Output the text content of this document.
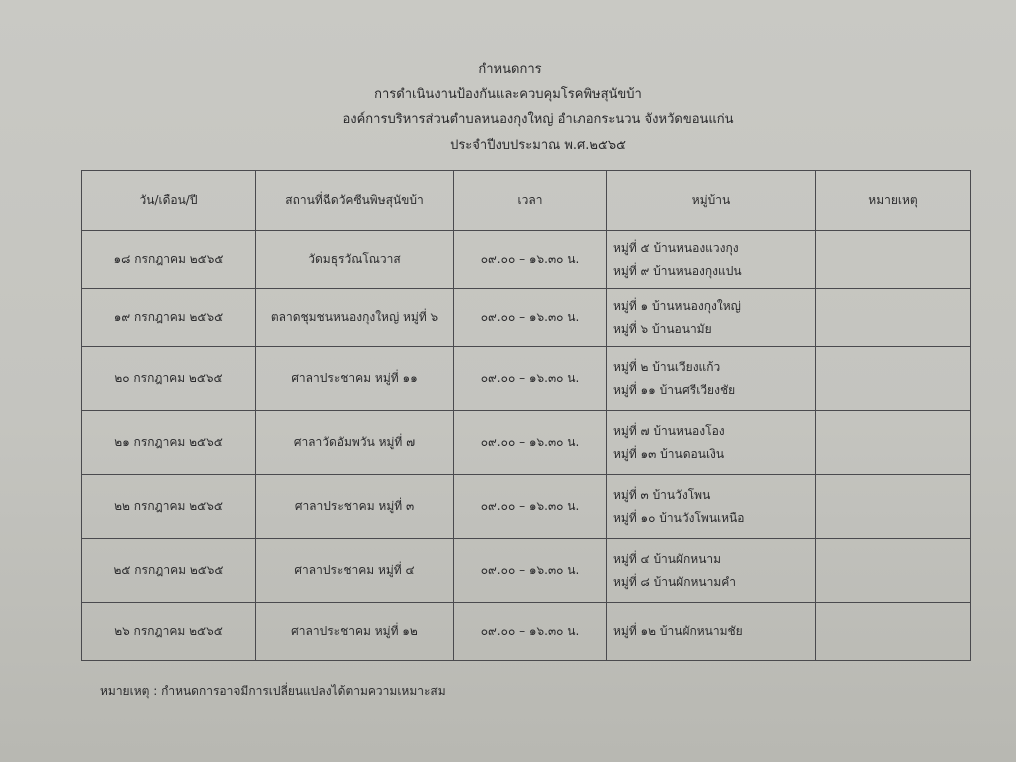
กำหนดการ
การดำเนินงานป้องกันและควบคุมโรคพิษสุนัขบ้า
องค์การบริหารส่วนตำบลหนองกุงใหญ่ อำเภอกระนวน จังหวัดขอนแก่น
ประจำปีงบประมาณ พ.ศ.๒๕๖๕
วัน/เดือน/ปี	สถานที่ฉีดวัคซีนพิษสุนัขบ้า	เวลา	หมู่บ้าน	หมายเหตุ
๑๘ กรกฎาคม ๒๕๖๕	วัดมธุรวัณโณวาส	๐๙.๐๐ – ๑๖.๓๐ น.	หมู่ที่ ๕ บ้านหนองแวงกุง
หมู่ที่ ๙ บ้านหนองกุงแปน	

๑๙ กรกฎาคม ๒๕๖๕	ตลาดชุมชนหนองกุงใหญ่ หมู่ที่ ๖	๐๙.๐๐ – ๑๖.๓๐ น.	หมู่ที่ ๑ บ้านหนองกุงใหญ่
หมู่ที่ ๖ บ้านอนามัย	

๒๐ กรกฎาคม ๒๕๖๕	ศาลาประชาคม หมู่ที่ ๑๑	๐๙.๐๐ – ๑๖.๓๐ น.	หมู่ที่ ๒ บ้านเวียงแก้ว
หมู่ที่ ๑๑ บ้านศรีเวียงชัย	

๒๑ กรกฎาคม ๒๕๖๕	ศาลาวัดอัมพวัน หมู่ที่ ๗	๐๙.๐๐ – ๑๖.๓๐ น.	หมู่ที่ ๗ บ้านหนองโอง
หมู่ที่ ๑๓ บ้านดอนเงิน	

๒๒ กรกฎาคม ๒๕๖๕	ศาลาประชาคม หมู่ที่ ๓	๐๙.๐๐ – ๑๖.๓๐ น.	หมู่ที่ ๓ บ้านวังโพน
หมู่ที่ ๑๐ บ้านวังโพนเหนือ	

๒๕ กรกฎาคม ๒๕๖๕	ศาลาประชาคม หมู่ที่ ๔	๐๙.๐๐ – ๑๖.๓๐ น.	หมู่ที่ ๔ บ้านผักหนาม
หมู่ที่ ๘ บ้านผักหนามคำ	

๒๖ กรกฎาคม ๒๕๖๕	ศาลาประชาคม หมู่ที่ ๑๒	๐๙.๐๐ – ๑๖.๓๐ น.	หมู่ที่ ๑๒ บ้านผักหนามชัย	

หมายเหตุ : กำหนดการอาจมีการเปลี่ยนแปลงได้ตามความเหมาะสม
